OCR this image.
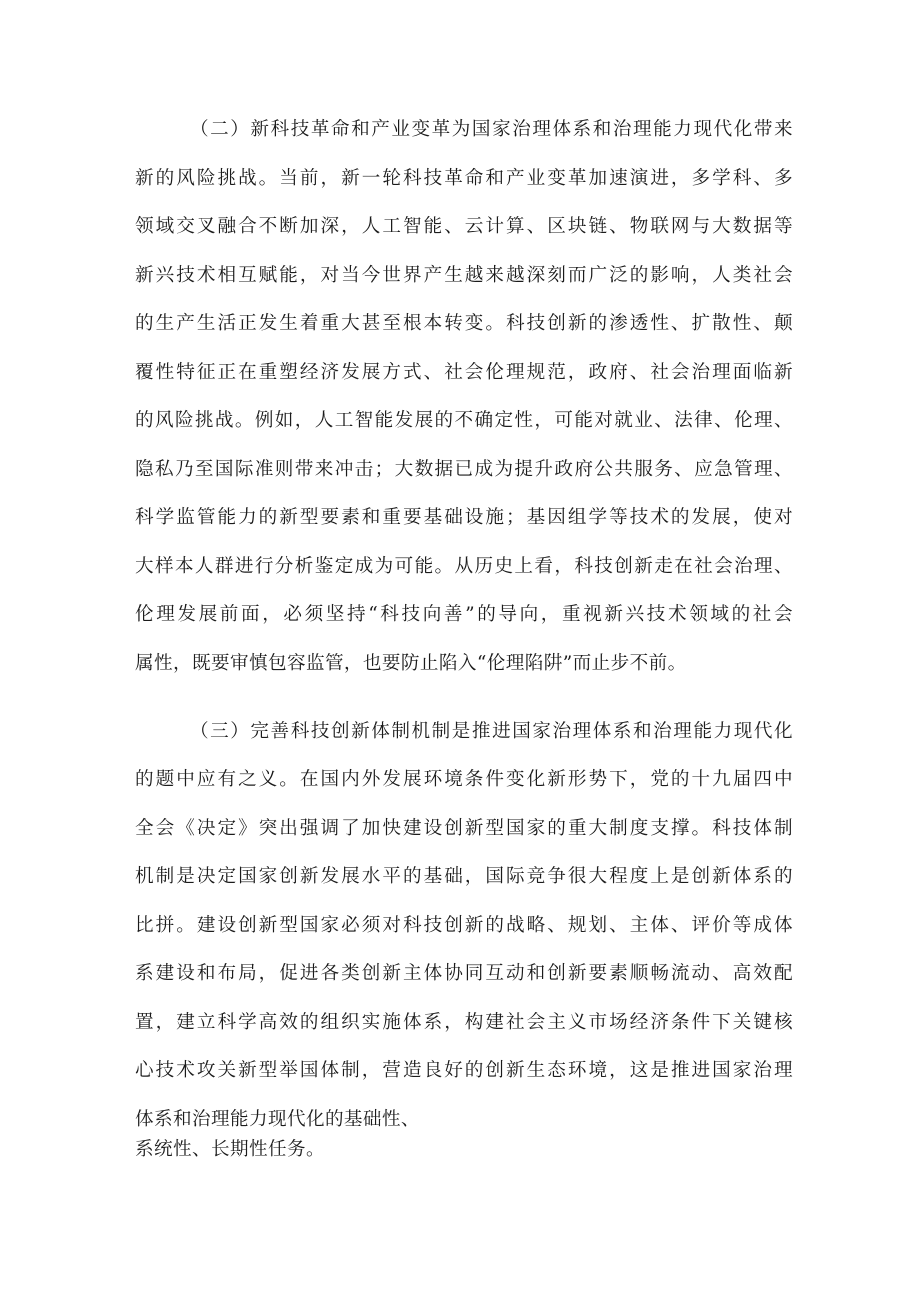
（二）新科技革命和产业变革为国家治理体系和治理能力现代化带来
新的风险挑战。当前，新一轮科技革命和产业变革加速演进，多学科、多
领域交叉融合不断加深，人工智能、云计算、区块链、物联网与大数据等
新兴技术相互赋能，对当今世界产生越来越深刻而广泛的影响，人类社会
的生产生活正发生着重大甚至根本转变。科技创新的渗透性、扩散性、颠
覆性特征正在重塑经济发展方式、社会伦理规范，政府、社会治理面临新
的风险挑战。例如，人工智能发展的不确定性，可能对就业、法律、伦理、
隐私乃至国际准则带来冲击；大数据已成为提升政府公共服务、应急管理、
科学监管能力的新型要素和重要基础设施；基因组学等技术的发展，使对
大样本人群进行分析鉴定成为可能。从历史上看，科技创新走在社会治理、
伦理发展前面，必须坚持“科技向善”的导向，重视新兴技术领域的社会
属性，既要审慎包容监管，也要防止陷入“伦理陷阱”而止步不前。
（三）完善科技创新体制机制是推进国家治理体系和治理能力现代化
的题中应有之义。在国内外发展环境条件变化新形势下，党的十九届四中
全会《决定》突出强调了加快建设创新型国家的重大制度支撑。科技体制
机制是决定国家创新发展水平的基础，国际竞争很大程度上是创新体系的
比拼。建设创新型国家必须对科技创新的战略、规划、主体、评价等成体
系建设和布局，促进各类创新主体协同互动和创新要素顺畅流动、高效配
置，建立科学高效的组织实施体系，构建社会主义市场经济条件下关键核
心技术攻关新型举国体制，营造良好的创新生态环境，这是推进国家治理
体系和治理能力现代化的基础性、
系统性、长期性任务。
